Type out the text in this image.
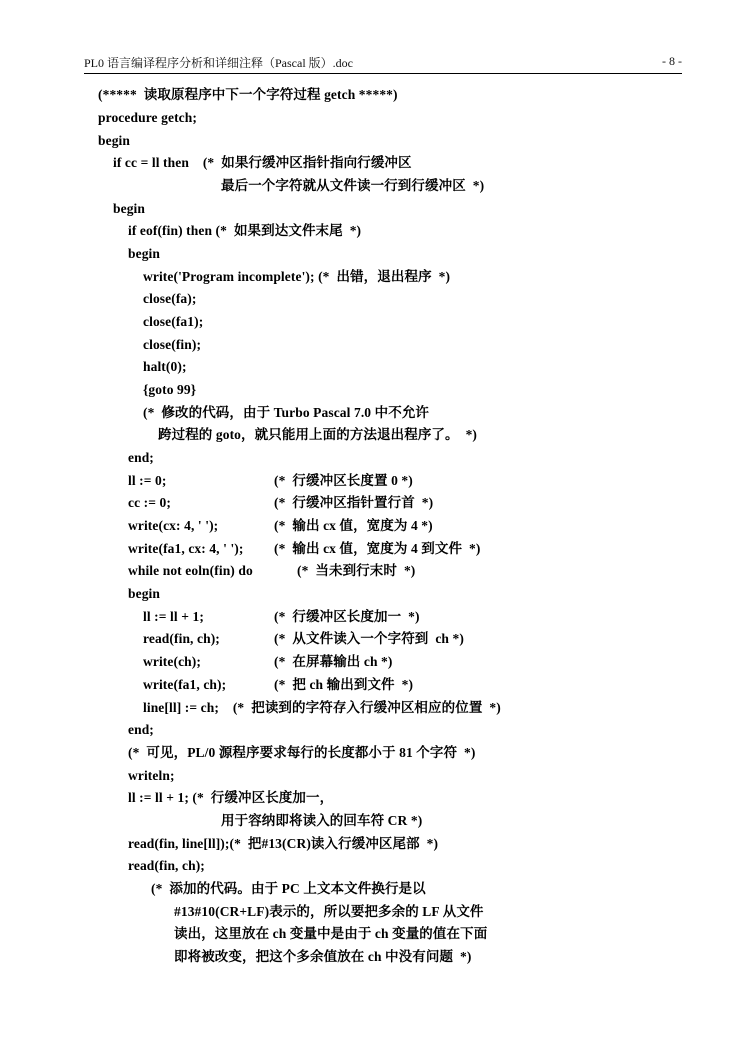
PL0 语言编译程序分析和详细注释（Pascal 版）.doc	- 8 -
(*****  读取原程序中下一个字符过程 getch *****)
procedure getch;
begin
if cc = ll then    (*  如果行缓冲区指针指向行缓冲区
最后一个字符就从文件读一行到行缓冲区  *)
begin
if eof(fin) then (*  如果到达文件末尾  *)
begin
write('Program incomplete'); (*  出错，退出程序  *)
close(fa);
close(fa1);
close(fin);
halt(0);
{goto 99}
(*  修改的代码，由于 Turbo Pascal 7.0 中不允许
跨过程的 goto，就只能用上面的方法退出程序了。  *)
end;
ll := 0;	(*  行缓冲区长度置 0 *)
cc := 0;	(*  行缓冲区指针置行首  *)
write(cx: 4, ' ');	(*  输出 cx 值，宽度为 4 *)
write(fa1, cx: 4, ' '); (*  输出 cx 值，宽度为 4 到文件  *)
while not eoln(fin) do	(*  当未到行末时  *)
begin
ll := ll + 1;	(*  行缓冲区长度加一  *)
read(fin, ch);	(*  从文件读入一个字符到  ch *)
write(ch);	(*  在屏幕输出 ch *)
write(fa1, ch);	(*  把 ch 输出到文件  *)
line[ll] := ch;    (*  把读到的字符存入行缓冲区相应的位置  *)
end;
(*  可见，PL/0 源程序要求每行的长度都小于 81 个字符  *)
writeln;
ll := ll + 1; (*  行缓冲区长度加一，
用于容纳即将读入的回车符 CR *)
read(fin, line[ll]);(*  把#13(CR)读入行缓冲区尾部  *)
read(fin, ch);
(*  添加的代码。由于 PC 上文本文件换行是以
#13#10(CR+LF)表示的，所以要把多余的 LF 从文件
读出，这里放在 ch 变量中是由于 ch 变量的值在下面
即将被改变，把这个多余值放在 ch 中没有问题  *)
